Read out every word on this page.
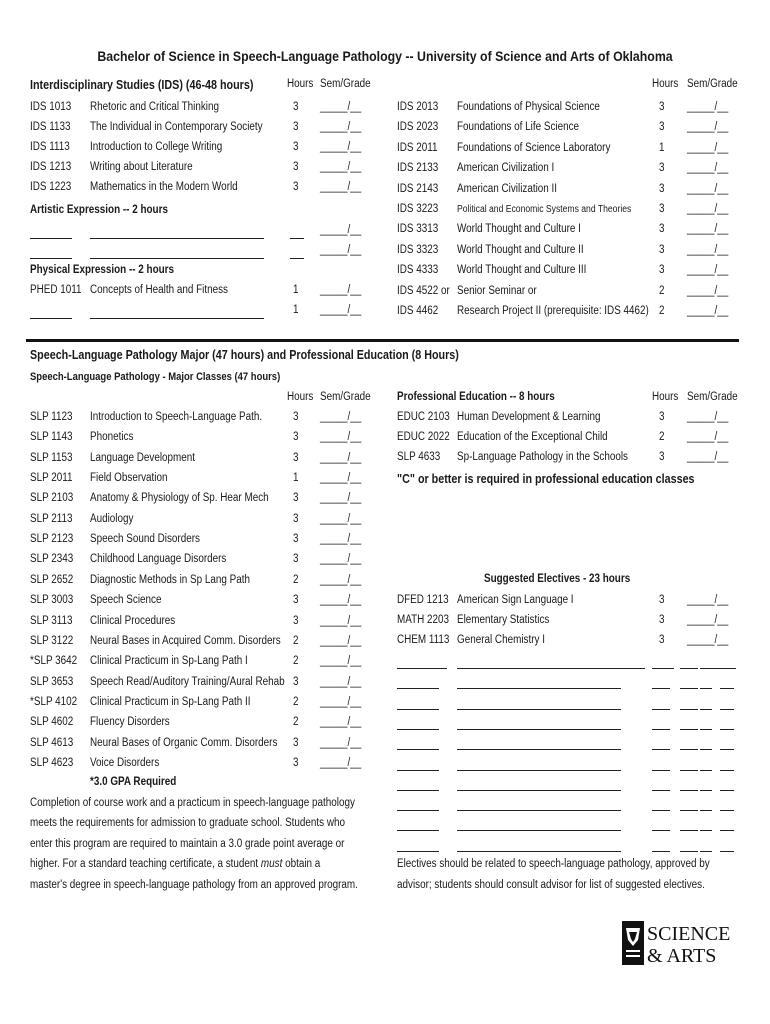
Bachelor of Science in Speech-Language Pathology -- University of Science and Arts of Oklahoma
Interdisciplinary Studies (IDS) (46-48 hours)	Hours Sem/Grade	Hours Sem/Grade
IDS 1013 Rhetoric and Critical Thinking	3 _____/__
IDS 1133 The Individual in Contemporary Society	3 _____/__
IDS 1113 Introduction to College Writing	3 _____/__
IDS 1213 Writing about Literature	3 _____/__
IDS 1223 Mathematics in the Modern World	3 _____/__
IDS 2013 Foundations of Physical Science	3 _____/__
IDS 2023 Foundations of Life Science	3 _____/__
IDS 2011 Foundations of Science Laboratory	1 _____/__
IDS 2133 American Civilization I	3 _____/__
IDS 2143 American Civilization II	3 _____/__
IDS 3223 Political and Economic Systems and Theories 3 _____/__
IDS 3313 World Thought and Culture I	3 _____/__
IDS 3323 World Thought and Culture II	3 _____/__
IDS 4333 World Thought and Culture III	3 _____/__
IDS 4522 or Senior Seminar or	2 _____/__
IDS 4462 Research Project II (prerequisite: IDS 4462) 2 _____/__
Artistic Expression -- 2 hours
_____/__
_____/__
Physical Expression -- 2 hours
PHED 1011 Concepts of Health and Fitness	1 _____/__
1 _____/__
Speech-Language Pathology Major (47 hours) and Professional Education (8 Hours)
Speech-Language Pathology - Major Classes (47 hours)
Hours Sem/Grade
SLP 1123 Introduction to Speech-Language Path.	3 _____/__
SLP 1143 Phonetics	3 _____/__
SLP 1153 Language Development	3 _____/__
SLP 2011 Field Observation	1 _____/__
SLP 2103 Anatomy & Physiology of Sp. Hear Mech 3 _____/__
SLP 2113 Audiology	3 _____/__
SLP 2123 Speech Sound Disorders	3 _____/__
SLP 2343 Childhood Language Disorders	3 _____/__
SLP 2652 Diagnostic Methods in Sp Lang Path	2 _____/__
SLP 3003 Speech Science	3 _____/__
SLP 3113 Clinical Procedures	3 _____/__
SLP 3122 Neural Bases in Acquired Comm. Disorders 2 _____/__
*SLP 3642 Clinical Practicum in Sp-Lang Path I	2 _____/__
SLP 3653 Speech Read/Auditory Training/Aural Rehab 3 _____/__
*SLP 4102 Clinical Practicum in Sp-Lang Path II	2 _____/__
SLP 4602 Fluency Disorders	2 _____/__
SLP 4613 Neural Bases of Organic Comm. Disorders 3 _____/__
SLP 4623 Voice Disorders	3 _____/__
*3.0 GPA Required
Completion of course work and a practicum in speech-language pathology
meets the requirements for admission to graduate school. Students who
enter this program are required to maintain a 3.0 grade point average or
higher. For a standard teaching certificate, a student must obtain a
master's degree in speech-language pathology from an approved program.
Professional Education -- 8 hours	Hours Sem/Grade
EDUC 2103 Human Development & Learning	3 _____/__
EDUC 2022 Education of the Exceptional Child	2 _____/__
SLP 4633 Sp-Language Pathology in the Schools	3 _____/__
"C" or better is required in professional education classes
Suggested Electives - 23 hours
DFED 1213 American Sign Language I	3 _____/__
MATH 2203 Elementary Statistics	3 _____/__
CHEM 1113 General Chemistry I	3 _____/__
Electives should be related to speech-language pathology, approved by
advisor; students should consult advisor for list of suggested electives.
SCIENCE
& ARTS
